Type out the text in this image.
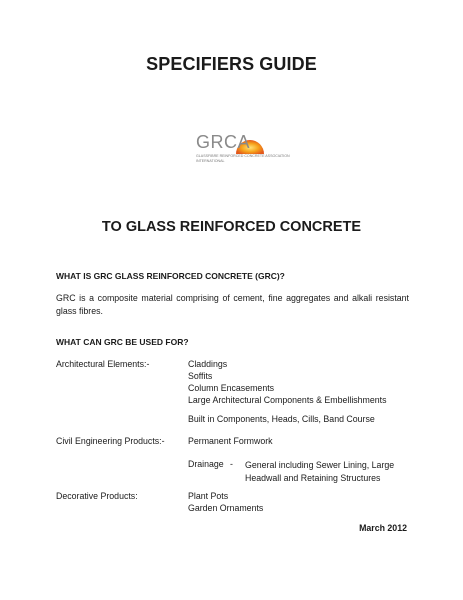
SPECIFIERS GUIDE
GRCA
GLASSFIBRE REINFORCED CONCRETE ASSOCIATION INTERNATIONAL
TO GLASS REINFORCED CONCRETE
WHAT IS GRC GLASS REINFORCED CONCRETE (GRC)?
GRC is a composite material comprising of cement, fine aggregates and alkali resistant glass fibres.
WHAT CAN GRC BE USED FOR?
Architectural Elements:-	Claddings
Soffits
Column Encasements
Large Architectural Components & Embellishments
Built in Components, Heads, Cills, Band Course
Civil Engineering Products:-	Permanent Formwork
Drainage - General including Sewer Lining, Large Headwall and Retaining Structures
Decorative Products:	Plant Pots
Garden Ornaments
March 2012
